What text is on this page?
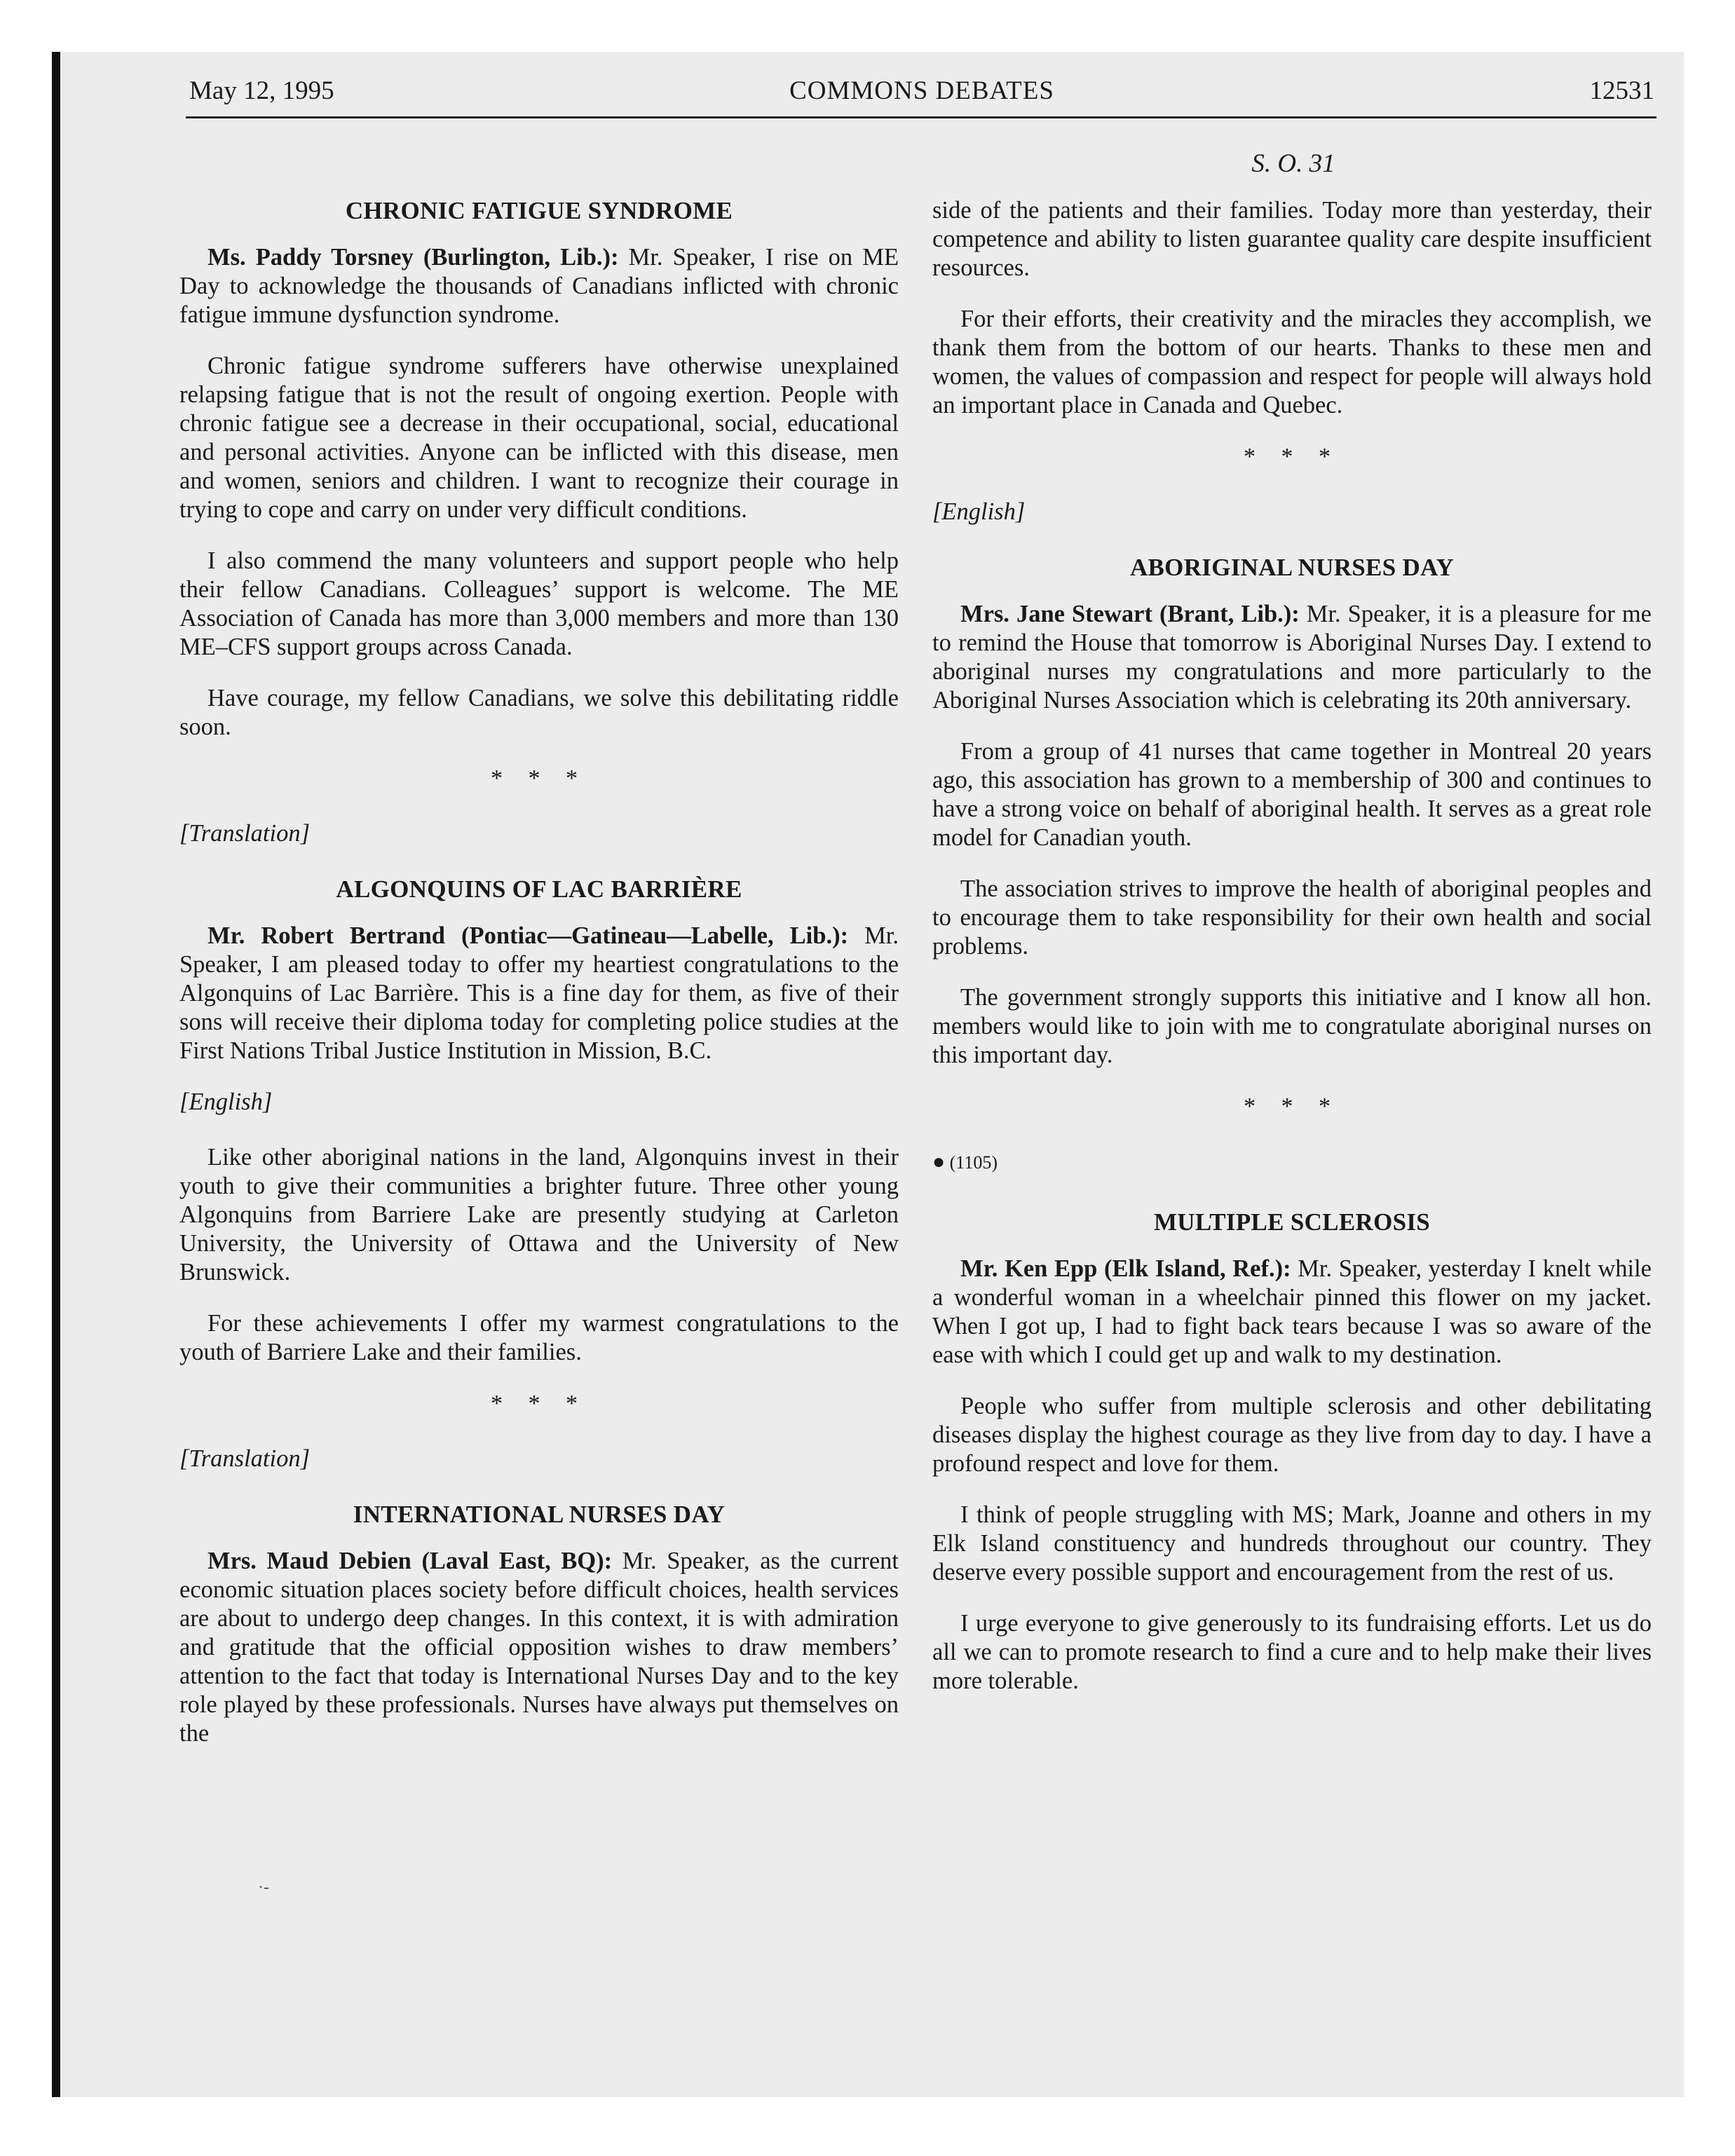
May 12, 1995	COMMONS DEBATES	12531
S. O. 31
CHRONIC FATIGUE SYNDROME

Ms. Paddy Torsney (Burlington, Lib.): Mr. Speaker, I rise on ME Day to acknowledge the thousands of Canadians inflicted with chronic fatigue immune dysfunction syndrome.

Chronic fatigue syndrome sufferers have otherwise unexplained relapsing fatigue that is not the result of ongoing exertion. People with chronic fatigue see a decrease in their occupational, social, educational and personal activities. Anyone can be inflicted with this disease, men and women, seniors and children. I want to recognize their courage in trying to cope and carry on under very difficult conditions.

I also commend the many volunteers and support people who help their fellow Canadians. Colleagues’ support is welcome. The ME Association of Canada has more than 3,000 members and more than 130 ME–CFS support groups across Canada.

Have courage, my fellow Canadians, we solve this debilitating riddle soon.

* * *

[Translation]

ALGONQUINS OF LAC BARRIÈRE

Mr. Robert Bertrand (Pontiac—Gatineau—Labelle, Lib.): Mr. Speaker, I am pleased today to offer my heartiest congratulations to the Algonquins of Lac Barrière. This is a fine day for them, as five of their sons will receive their diploma today for completing police studies at the First Nations Tribal Justice Institution in Mission, B.C.

[English]

Like other aboriginal nations in the land, Algonquins invest in their youth to give their communities a brighter future. Three other young Algonquins from Barriere Lake are presently studying at Carleton University, the University of Ottawa and the University of New Brunswick.

For these achievements I offer my warmest congratulations to the youth of Barriere Lake and their families.

* * *

[Translation]

INTERNATIONAL NURSES DAY

Mrs. Maud Debien (Laval East, BQ): Mr. Speaker, as the current economic situation places society before difficult choices, health services are about to undergo deep changes. In this context, it is with admiration and gratitude that the official opposition wishes to draw members’ attention to the fact that today is International Nurses Day and to the key role played by these professionals. Nurses have always put themselves on the

·-

side of the patients and their families. Today more than yesterday, their competence and ability to listen guarantee quality care despite insufficient resources.

For their efforts, their creativity and the miracles they accomplish, we thank them from the bottom of our hearts. Thanks to these men and women, the values of compassion and respect for people will always hold an important place in Canada and Quebec.

* * *

[English]

ABORIGINAL NURSES DAY

Mrs. Jane Stewart (Brant, Lib.): Mr. Speaker, it is a pleasure for me to remind the House that tomorrow is Aboriginal Nurses Day. I extend to aboriginal nurses my congratulations and more particularly to the Aboriginal Nurses Association which is celebrating its 20th anniversary.

From a group of 41 nurses that came together in Montreal 20 years ago, this association has grown to a membership of 300 and continues to have a strong voice on behalf of aboriginal health. It serves as a great role model for Canadian youth.

The association strives to improve the health of aboriginal peoples and to encourage them to take responsibility for their own health and social problems.

The government strongly supports this initiative and I know all hon. members would like to join with me to congratulate aboriginal nurses on this important day.

* * *
● (1105)
MULTIPLE SCLEROSIS

Mr. Ken Epp (Elk Island, Ref.): Mr. Speaker, yesterday I knelt while a wonderful woman in a wheelchair pinned this flower on my jacket. When I got up, I had to fight back tears because I was so aware of the ease with which I could get up and walk to my destination.

People who suffer from multiple sclerosis and other debilitating diseases display the highest courage as they live from day to day. I have a profound respect and love for them.

I think of people struggling with MS; Mark, Joanne and others in my Elk Island constituency and hundreds throughout our country. They deserve every possible support and encouragement from the rest of us.

I urge everyone to give generously to its fundraising efforts. Let us do all we can to promote research to find a cure and to help make their lives more tolerable.
